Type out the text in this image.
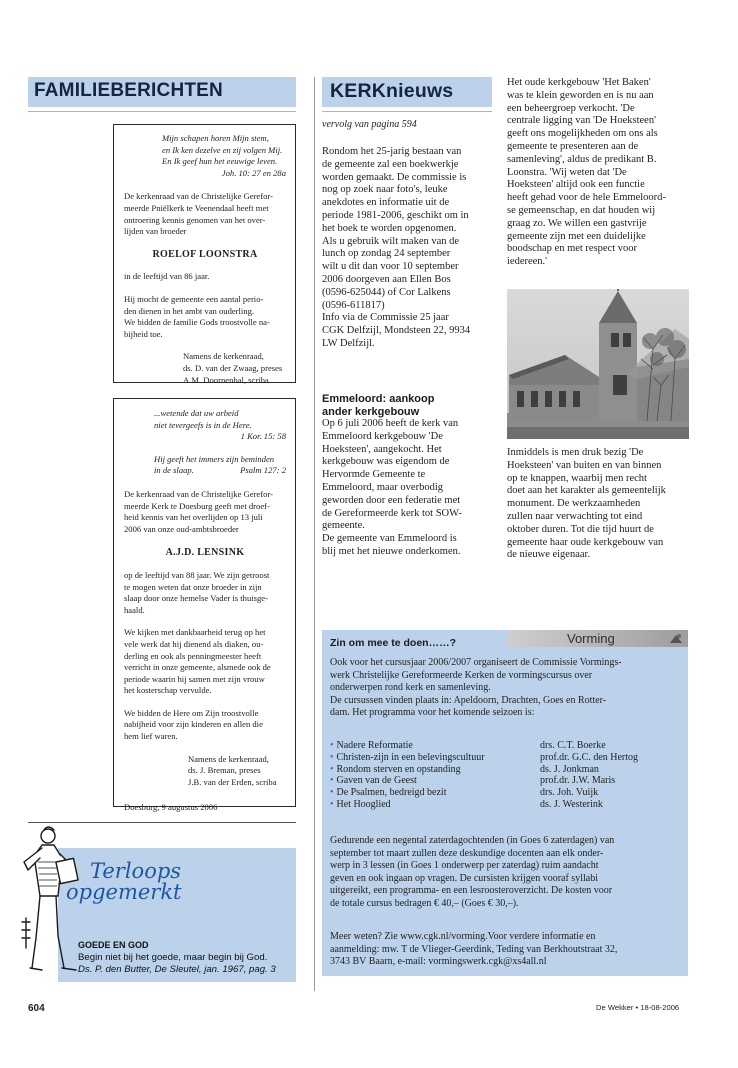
FAMILIEBERICHTEN
Mijn schapen horen Mijn stem,
en Ik ken dezelve en zij volgen Mij.
En Ik geef hun het eeuwige leven.
Joh. 10: 27 en 28a
De kerkenraad van de Christelijke Gerefor-
meerde Pniëlkerk te Veenendaal heeft met
ontroering kennis genomen van het over-
lijden van broeder
ROELOF LOONSTRA
in de leeftijd van 86 jaar.
Hij mocht de gemeente een aantal perio-
den dienen in het ambt van ouderling.
We bidden de familie Gods troostvolle na-
bijheid toe.
Namens de kerkenraad,
ds. D. van der Zwaag, preses
A.M. Doornenbal, scriba
...wetende dat uw arbeid
niet tevergeefs is in de Here.
1 Kor. 15: 58
Hij geeft het immers zijn beminden
in de slaap.	Psalm 127: 2
De kerkenraad van de Christelijke Gerefor-
meerde Kerk te Doesburg geeft met droef-
heid kennis van het overlijden op 13 juli
2006 van onze oud-ambtsbroeder
A.J.D. LENSINK
op de leeftijd van 88 jaar. We zijn getroost
te mogen weten dat onze broeder in zijn
slaap door onze hemelse Vader is thuisge-
haald.
We kijken met dankbaarheid terug op het
vele werk dat hij dienend als diaken, ou-
derling en ook als penningmeester heeft
verricht in onze gemeente, alsmede ook de
periode waarin hij samen met zijn vrouw
het kosterschap vervulde.
We bidden de Here om Zijn troostvolle
nabijheid voor zijn kinderen en allen die
hem lief waren.
Namens de kerkenraad,
ds. J. Breman, preses
J.B. van der Erden, scriba
Doesburg, 9 augustus 2006
Terloops
opgemerkt
GOEDE EN GOD
Begin niet bij het goede, maar begin bij God.
Ds. P. den Butter, De Sleutel, jan. 1967, pag. 3
KERKnieuws
vervolg van pagina 594
Rondom het 25-jarig bestaan van
de gemeente zal een boekwerkje
worden gemaakt. De commissie is
nog op zoek naar foto's, leuke
anekdotes en informatie uit de
periode 1981-2006, geschikt om in
het boek te worden opgenomen.
Als u gebruik wilt maken van de
lunch op zondag 24 september
wilt u dit dan voor 10 september
2006 doorgeven aan Ellen Bos
(0596-625044) of Cor Lalkens
(0596-611817)
Info via de Commissie 25 jaar
CGK Delfzijl, Mondsteen 22, 9934
LW Delfzijl.
Emmeloord: aankoop
ander kerkgebouw
Op 6 juli 2006 heeft de kerk van
Emmeloord kerkgebouw 'De
Hoeksteen', aangekocht. Het
kerkgebouw was eigendom de
Hervormde Gemeente te
Emmeloord, maar overbodig
geworden door een federatie met
de Gereformeerde kerk tot SOW-
gemeente.
De gemeente van Emmeloord is
blij met het nieuwe onderkomen.
Het oude kerkgebouw 'Het Baken'
was te klein geworden en is nu aan
een beheergroep verkocht. 'De
centrale ligging van 'De Hoeksteen'
geeft ons mogelijkheden om ons als
gemeente te presenteren aan de
samenleving', aldus de predikant B.
Loonstra. 'Wij weten dat 'De
Hoeksteen' altijd ook een functie
heeft gehad voor de hele Emmeloord-
se gemeenschap, en dat houden wij
graag zo. We willen een gastvrije
gemeente zijn met een duidelijke
boodschap en met respect voor
iedereen.'
Inmiddels is men druk bezig 'De
Hoeksteen' van buiten en van binnen
op te knappen, waarbij men recht
doet aan het karakter als gemeentelijk
monument. De werkzaamheden
zullen naar verwachting tot eind
oktober duren. Tot die tijd huurt de
gemeente haar oude kerkgebouw van
de nieuwe eigenaar.
Zin om mee te doen……?	Vorming
Ook voor het cursusjaar 2006/2007 organiseert de Commissie Vormings-
werk Christelijke Gereformeerde Kerken de vormingscursus over
onderwerpen rond kerk en samenleving.
De cursussen vinden plaats in: Apeldoorn, Drachten, Goes en Rotter-
dam. Het programma voor het komende seizoen is:
• Nadere Reformatie	drs. C.T. Boerke
• Christen-zijn in een belevingscultuur	prof.dr. G.C. den Hertog
• Rondom sterven en opstanding	ds. J. Jonkman
• Gaven van de Geest	prof.dr. J.W. Maris
• De Psalmen, bedreigd bezit	drs. Joh. Vuijk
• Het Hooglied	ds. J. Westerink
Gedurende een negental zaterdagochtenden (in Goes 6 zaterdagen) van
september tot maart zullen deze deskundige docenten aan elk onder-
werp in 3 lessen (in Goes 1 onderwerp per zaterdag) ruim aandacht
geven en ook ingaan op vragen. De cursisten krijgen vooraf syllabi
uitgereikt, een programma- en een lesroosteroverzicht. De kosten voor
de totale cursus bedragen € 40,– (Goes € 30,–).
Meer weten? Zie www.cgk.nl/vorming.Voor verdere informatie en
aanmelding: mw. T de Vlieger-Geerdink, Teding van Berkhoutstraat 32,
3743 BV Baarn, e-mail: vormingswerk.cgk@xs4all.nl
604	De Wekker • 18-08-2006
